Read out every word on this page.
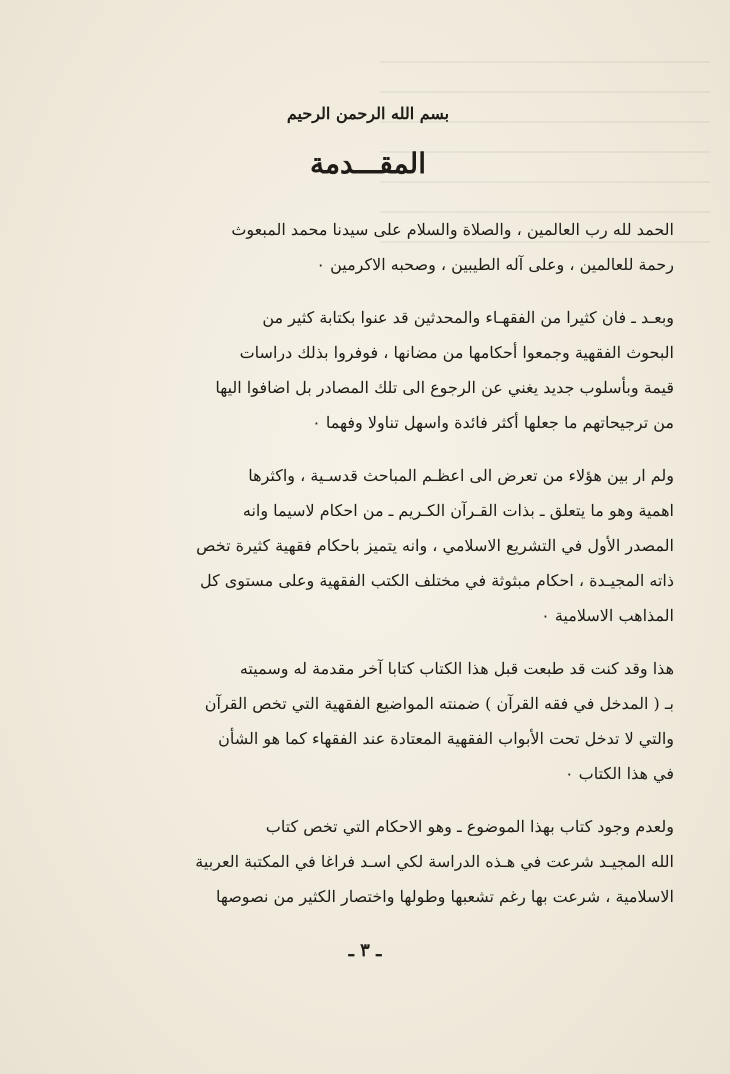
بسم الله الرحمن الرحيم
المقـــدمة
الحمد لله رب العالمين ، والصلاة والسلام على سيدنا محمد المبعوث
رحمة للعالمين ، وعلى آله الطيبين ، وصحبه الاكرمين ٠
وبعـد ـ فان كثيرا من الفقهـاء والمحدثين قد عنوا بكتابة كثير من
البحوث الفقهية وجمعوا أحكامها من مضانها ، فوفروا بذلك دراسات
قيمة وبأسلوب جديد يغني عن الرجوع الى تلك المصادر بل اضافوا اليها
من ترجيحاتهم ما جعلها أكثر فائدة واسهل تناولا وفهما ٠
ولم ار بين هؤلاء من تعرض الى اعظـم المباحث قدسـية ، واكثرها
اهمية وهو ما يتعلق ـ بذات القـرآن الكـريم ـ من احكام لاسيما وانه
المصدر الأول في التشريع الاسلامي ، وانه يتميز باحكام فقهية كثيرة تخص
ذاته المجيـدة ، احكام مبثوثة في مختلف الكتب الفقهية وعلى مستوى كل
المذاهب الاسلامية ٠
هذا وقد كنت قد طبعت قبل هذا الكتاب كتابا آخر مقدمة له وسميته
بـ ( المدخل في فقه القرآن ) ضمنته المواضيع الفقهية التي تخص القرآن
والتي لا تدخل تحت الأبواب الفقهية المعتادة عند الفقهاء كما هو الشأن
في هذا الكتاب ٠
ولعدم وجود كتاب بهذا الموضوع ـ وهو الاحكام التي تخص كتاب
الله المجيـد شرعت في هـذه الدراسة لكي اسـد فراغا في المكتبة العربية
الاسلامية ، شرعت بها رغم تشعبها وطولها واختصار الكثير من نصوصها
ـ ٣ ـ
